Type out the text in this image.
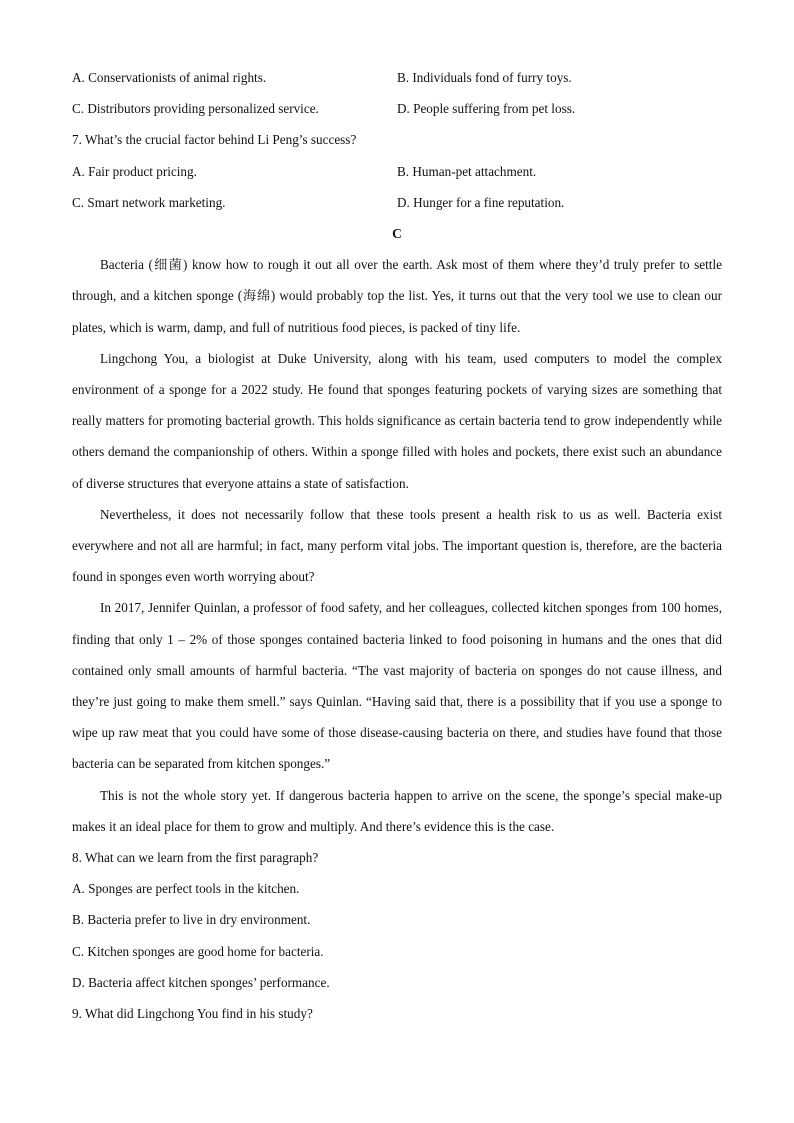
A. Conservationists of animal rights.	B. Individuals fond of furry toys.
C. Distributors providing personalized service.	D. People suffering from pet loss.
7. What’s the crucial factor behind Li Peng’s success?
A. Fair product pricing.	B. Human-pet attachment.
C. Smart network marketing.	D. Hunger for a fine reputation.
C

Bacteria (细菌) know how to rough it out all over the earth. Ask most of them where they’d truly prefer to settle through, and a kitchen sponge (海绵) would probably top the list. Yes, it turns out that the very tool we use to clean our plates, which is warm, damp, and full of nutritious food pieces, is packed of tiny life.

Lingchong You, a biologist at Duke University, along with his team, used computers to model the complex environment of a sponge for a 2022 study. He found that sponges featuring pockets of varying sizes are something that really matters for promoting bacterial growth. This holds significance as certain bacteria tend to grow independently while others demand the companionship of others. Within a sponge filled with holes and pockets, there exist such an abundance of diverse structures that everyone attains a state of satisfaction.

Nevertheless, it does not necessarily follow that these tools present a health risk to us as well. Bacteria exist everywhere and not all are harmful; in fact, many perform vital jobs. The important question is, therefore, are the bacteria found in sponges even worth worrying about?

In 2017, Jennifer Quinlan, a professor of food safety, and her colleagues, collected kitchen sponges from 100 homes, finding that only 1 – 2% of those sponges contained bacteria linked to food poisoning in humans and the ones that did contained only small amounts of harmful bacteria. “The vast majority of bacteria on sponges do not cause illness, and they’re just going to make them smell.” says Quinlan. “Having said that, there is a possibility that if you use a sponge to wipe up raw meat that you could have some of those disease-causing bacteria on there, and studies have found that those bacteria can be separated from kitchen sponges.”

This is not the whole story yet. If dangerous bacteria happen to arrive on the scene, the sponge’s special make-up makes it an ideal place for them to grow and multiply. And there’s evidence this is the case.

8. What can we learn from the first paragraph?
A. Sponges are perfect tools in the kitchen.
B. Bacteria prefer to live in dry environment.
C. Kitchen sponges are good home for bacteria.
D. Bacteria affect kitchen sponges’ performance.
9. What did Lingchong You find in his study?
